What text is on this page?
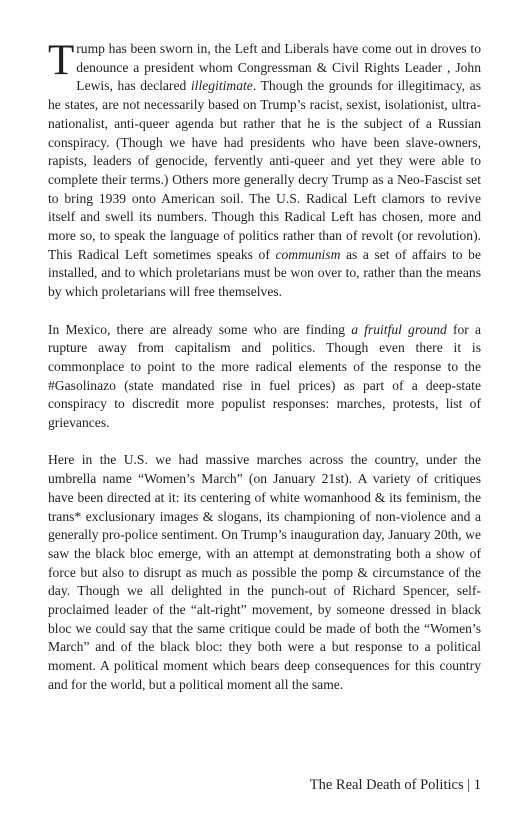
Trump has been sworn in, the Left and Liberals have come out in droves to denounce a president whom Congressman & Civil Rights Leader , John Lewis, has declared illegitimate. Though the grounds for illegitimacy, as he states, are not necessarily based on Trump’s racist, sexist, isolationist, ultra-nationalist, anti-queer agenda but rather that he is the subject of a Russian conspiracy. (Though we have had presidents who have been slave-owners, rapists, leaders of genocide, fervently anti-queer and yet they were able to complete their terms.) Others more generally decry Trump as a Neo-Fascist set to bring 1939 onto American soil. The U.S. Radical Left clamors to revive itself and swell its numbers. Though this Radical Left has chosen, more and more so, to speak the language of politics rather than of revolt (or revolution). This Radical Left sometimes speaks of communism as a set of affairs to be installed, and to which proletarians must be won over to, rather than the means by which proletarians will free themselves.

In Mexico, there are already some who are finding a fruitful ground for a rupture away from capitalism and politics. Though even there it is commonplace to point to the more radical elements of the response to the #Gasolinazo (state mandated rise in fuel prices) as part of a deep-state conspiracy to discredit more populist responses: marches, protests, list of grievances.

Here in the U.S. we had massive marches across the country, under the umbrella name “Women’s March” (on January 21st). A variety of critiques have been directed at it: its centering of white womanhood & its feminism, the trans* exclusionary images & slogans, its championing of non-violence and a generally pro-police sentiment. On Trump’s inauguration day, January 20th, we saw the black bloc emerge, with an attempt at demonstrating both a show of force but also to disrupt as much as possible the pomp & circumstance of the day. Though we all delighted in the punch-out of Richard Spencer, self-proclaimed leader of the “alt-right” movement, by someone dressed in black bloc we could say that the same critique could be made of both the “Women’s March” and of the black bloc: they both were a but response to a political moment. A political moment which bears deep consequences for this country and for the world, but a political moment all the same.

The Real Death of Politics | 1
